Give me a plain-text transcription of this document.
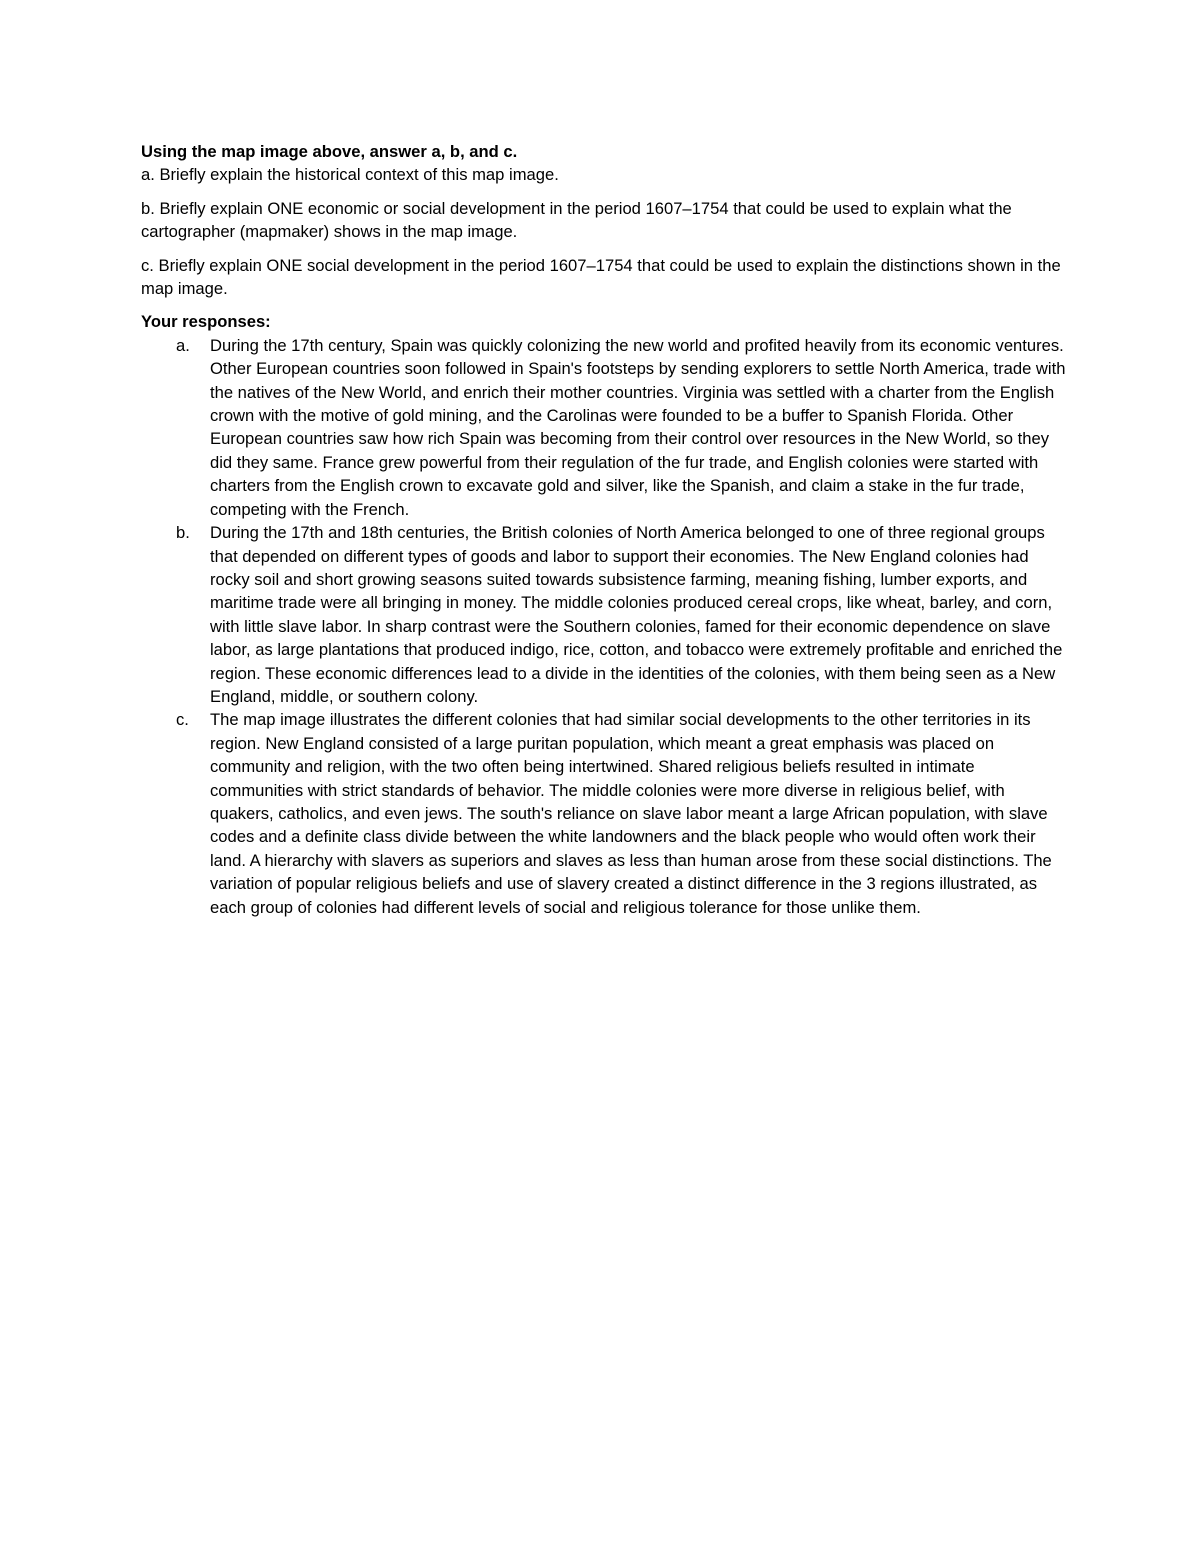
Using the map image above, answer a, b, and c.

a. Briefly explain the historical context of this map image.

b. Briefly explain ONE economic or social development in the period 1607–1754 that could be used to explain what the cartographer (mapmaker) shows in the map image.

c. Briefly explain ONE social development in the period 1607–1754 that could be used to explain the distinctions shown in the map image.

Your responses:

a.	During the 17th century, Spain was quickly colonizing the new world and profited heavily from its economic ventures. Other European countries soon followed in Spain's footsteps by sending explorers to settle North America, trade with the natives of the New World, and enrich their mother countries. Virginia was settled with a charter from the English crown with the motive of gold mining, and the Carolinas were founded to be a buffer to Spanish Florida. Other European countries saw how rich Spain was becoming from their control over resources in the New World, so they did they same. France grew powerful from their regulation of the fur trade, and English colonies were started with charters from the English crown to excavate gold and silver, like the Spanish, and claim a stake in the fur trade, competing with the French.
b.	During the 17th and 18th centuries, the British colonies of North America belonged to one of three regional groups that depended on different types of goods and labor to support their economies. The New England colonies had rocky soil and short growing seasons suited towards subsistence farming, meaning fishing, lumber exports, and maritime trade were all bringing in money. The middle colonies produced cereal crops, like wheat, barley, and corn, with little slave labor. In sharp contrast were the Southern colonies, famed for their economic dependence on slave labor, as large plantations that produced indigo, rice, cotton, and tobacco were extremely profitable and enriched the region. These economic differences lead to a divide in the identities of the colonies, with them being seen as a New England, middle, or southern colony.
c.	The map image illustrates the different colonies that had similar social developments to the other territories in its region. New England consisted of a large puritan population, which meant a great emphasis was placed on community and religion, with the two often being intertwined. Shared religious beliefs resulted in intimate communities with strict standards of behavior. The middle colonies were more diverse in religious belief, with quakers, catholics, and even jews. The south's reliance on slave labor meant a large African population, with slave codes and a definite class divide between the white landowners and the black people who would often work their land. A hierarchy with slavers as superiors and slaves as less than human arose from these social distinctions. The variation of popular religious beliefs and use of slavery created a distinct difference in the 3 regions illustrated, as each group of colonies had different levels of social and religious tolerance for those unlike them.
